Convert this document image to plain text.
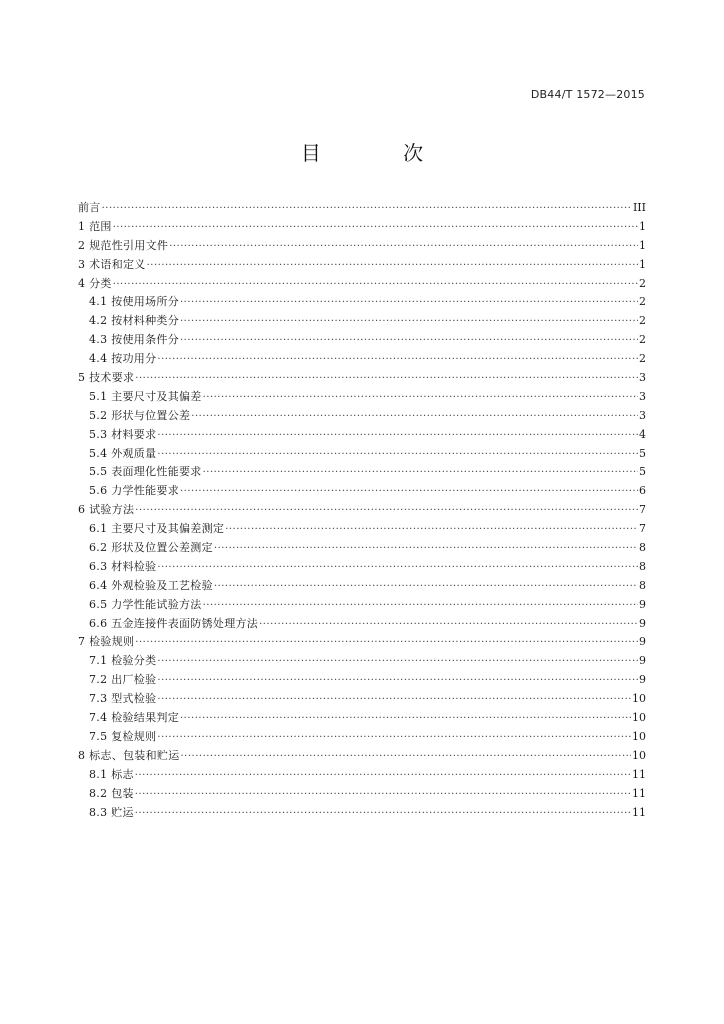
DB44/T 1572—2015
目 次
前言 ·····	III
1 范围 ·····	1
2 规范性引用文件 ·····	1
3 术语和定义 ·····	1
4 分类 ·····	2
4.1 按使用场所分 ·····	2
4.2 按材料种类分 ·····	2
4.3 按使用条件分 ·····	2
4.4 按功用分 ·····	2
5 技术要求 ·····	3
5.1 主要尺寸及其偏差 ·····	3
5.2 形状与位置公差 ·····	3
5.3 材料要求 ·····	4
5.4 外观质量 ·····	5
5.5 表面理化性能要求 ·····	5
5.6 力学性能要求 ·····	6
6 试验方法 ·····	7
6.1 主要尺寸及其偏差测定 ·····	7
6.2 形状及位置公差测定 ·····	8
6.3 材料检验 ·····	8
6.4 外观检验及工艺检验 ·····	8
6.5 力学性能试验方法 ·····	9
6.6 五金连接件表面防锈处理方法 ·····	9
7 检验规则 ·····	9
7.1 检验分类 ·····	9
7.2 出厂检验 ·····	9
7.3 型式检验 ·····	10
7.4 检验结果判定 ·····	10
7.5 复检规则 ·····	10
8 标志、包装和贮运 ·····	10
8.1 标志 ·····	11
8.2 包装 ·····	11
8.3 贮运 ·····	11
